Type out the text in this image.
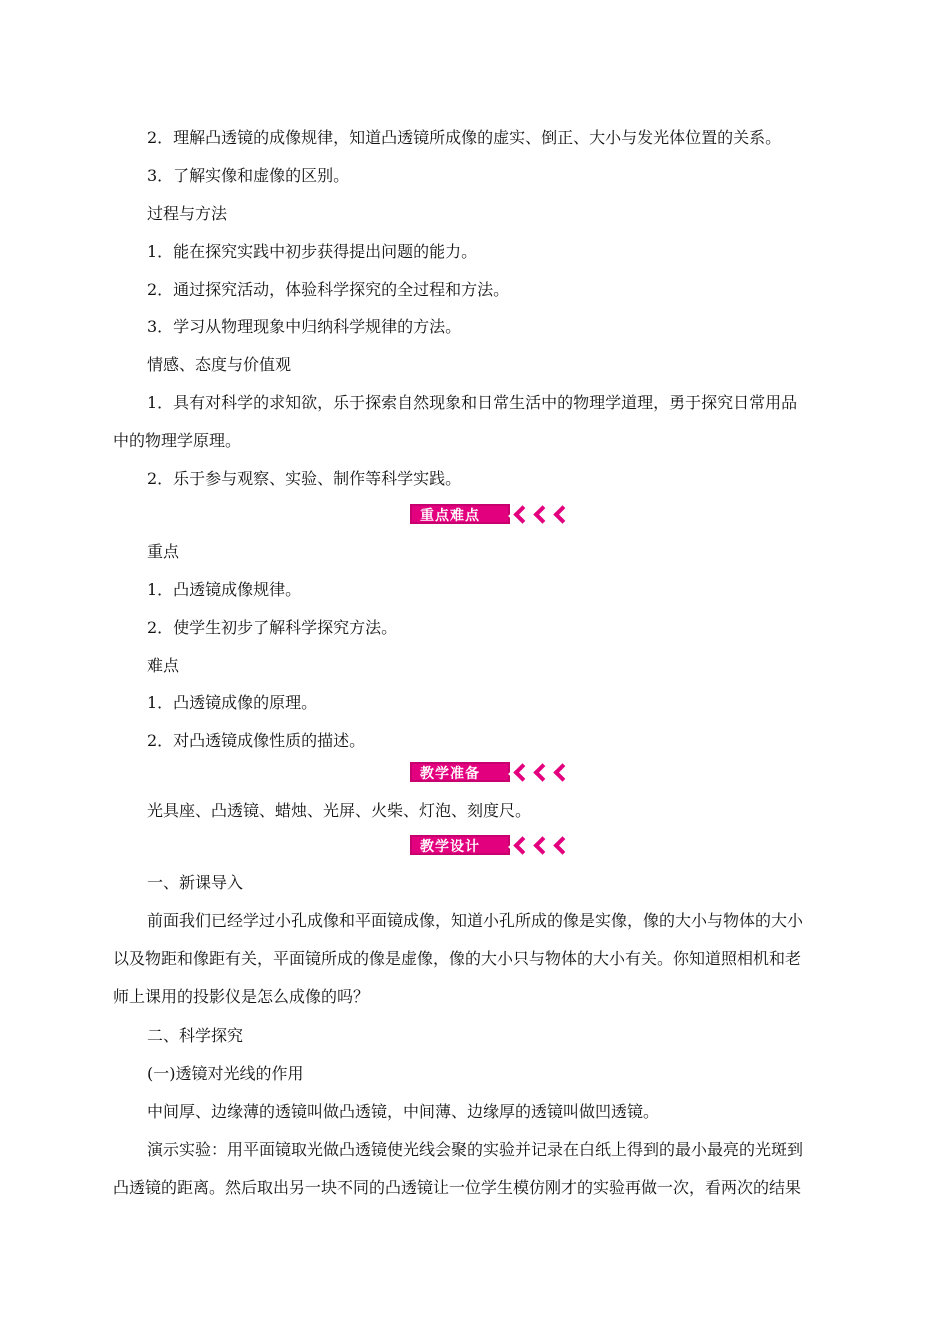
2．理解凸透镜的成像规律，知道凸透镜所成像的虚实、倒正、大小与发光体位置的关系。
3．了解实像和虚像的区别。
过程与方法
1．能在探究实践中初步获得提出问题的能力。
2．通过探究活动，体验科学探究的全过程和方法。
3．学习从物理现象中归纳科学规律的方法。
情感、态度与价值观
1．具有对科学的求知欲，乐于探索自然现象和日常生活中的物理学道理，勇于探究日常用品
中的物理学原理。
2．乐于参与观察、实验、制作等科学实践。
重点难点
重点
1．凸透镜成像规律。
2．使学生初步了解科学探究方法。
难点
1．凸透镜成像的原理。
2．对凸透镜成像性质的描述。
教学准备
光具座、凸透镜、蜡烛、光屏、火柴、灯泡、刻度尺。
教学设计
一、新课导入
前面我们已经学过小孔成像和平面镜成像，知道小孔所成的像是实像，像的大小与物体的大小
以及物距和像距有关，平面镜所成的像是虚像，像的大小只与物体的大小有关。你知道照相机和老
师上课用的投影仪是怎么成像的吗？
二、科学探究
(一)透镜对光线的作用
中间厚、边缘薄的透镜叫做凸透镜，中间薄、边缘厚的透镜叫做凹透镜。
演示实验：用平面镜取光做凸透镜使光线会聚的实验并记录在白纸上得到的最小最亮的光斑到
凸透镜的距离。然后取出另一块不同的凸透镜让一位学生模仿刚才的实验再做一次，看两次的结果
